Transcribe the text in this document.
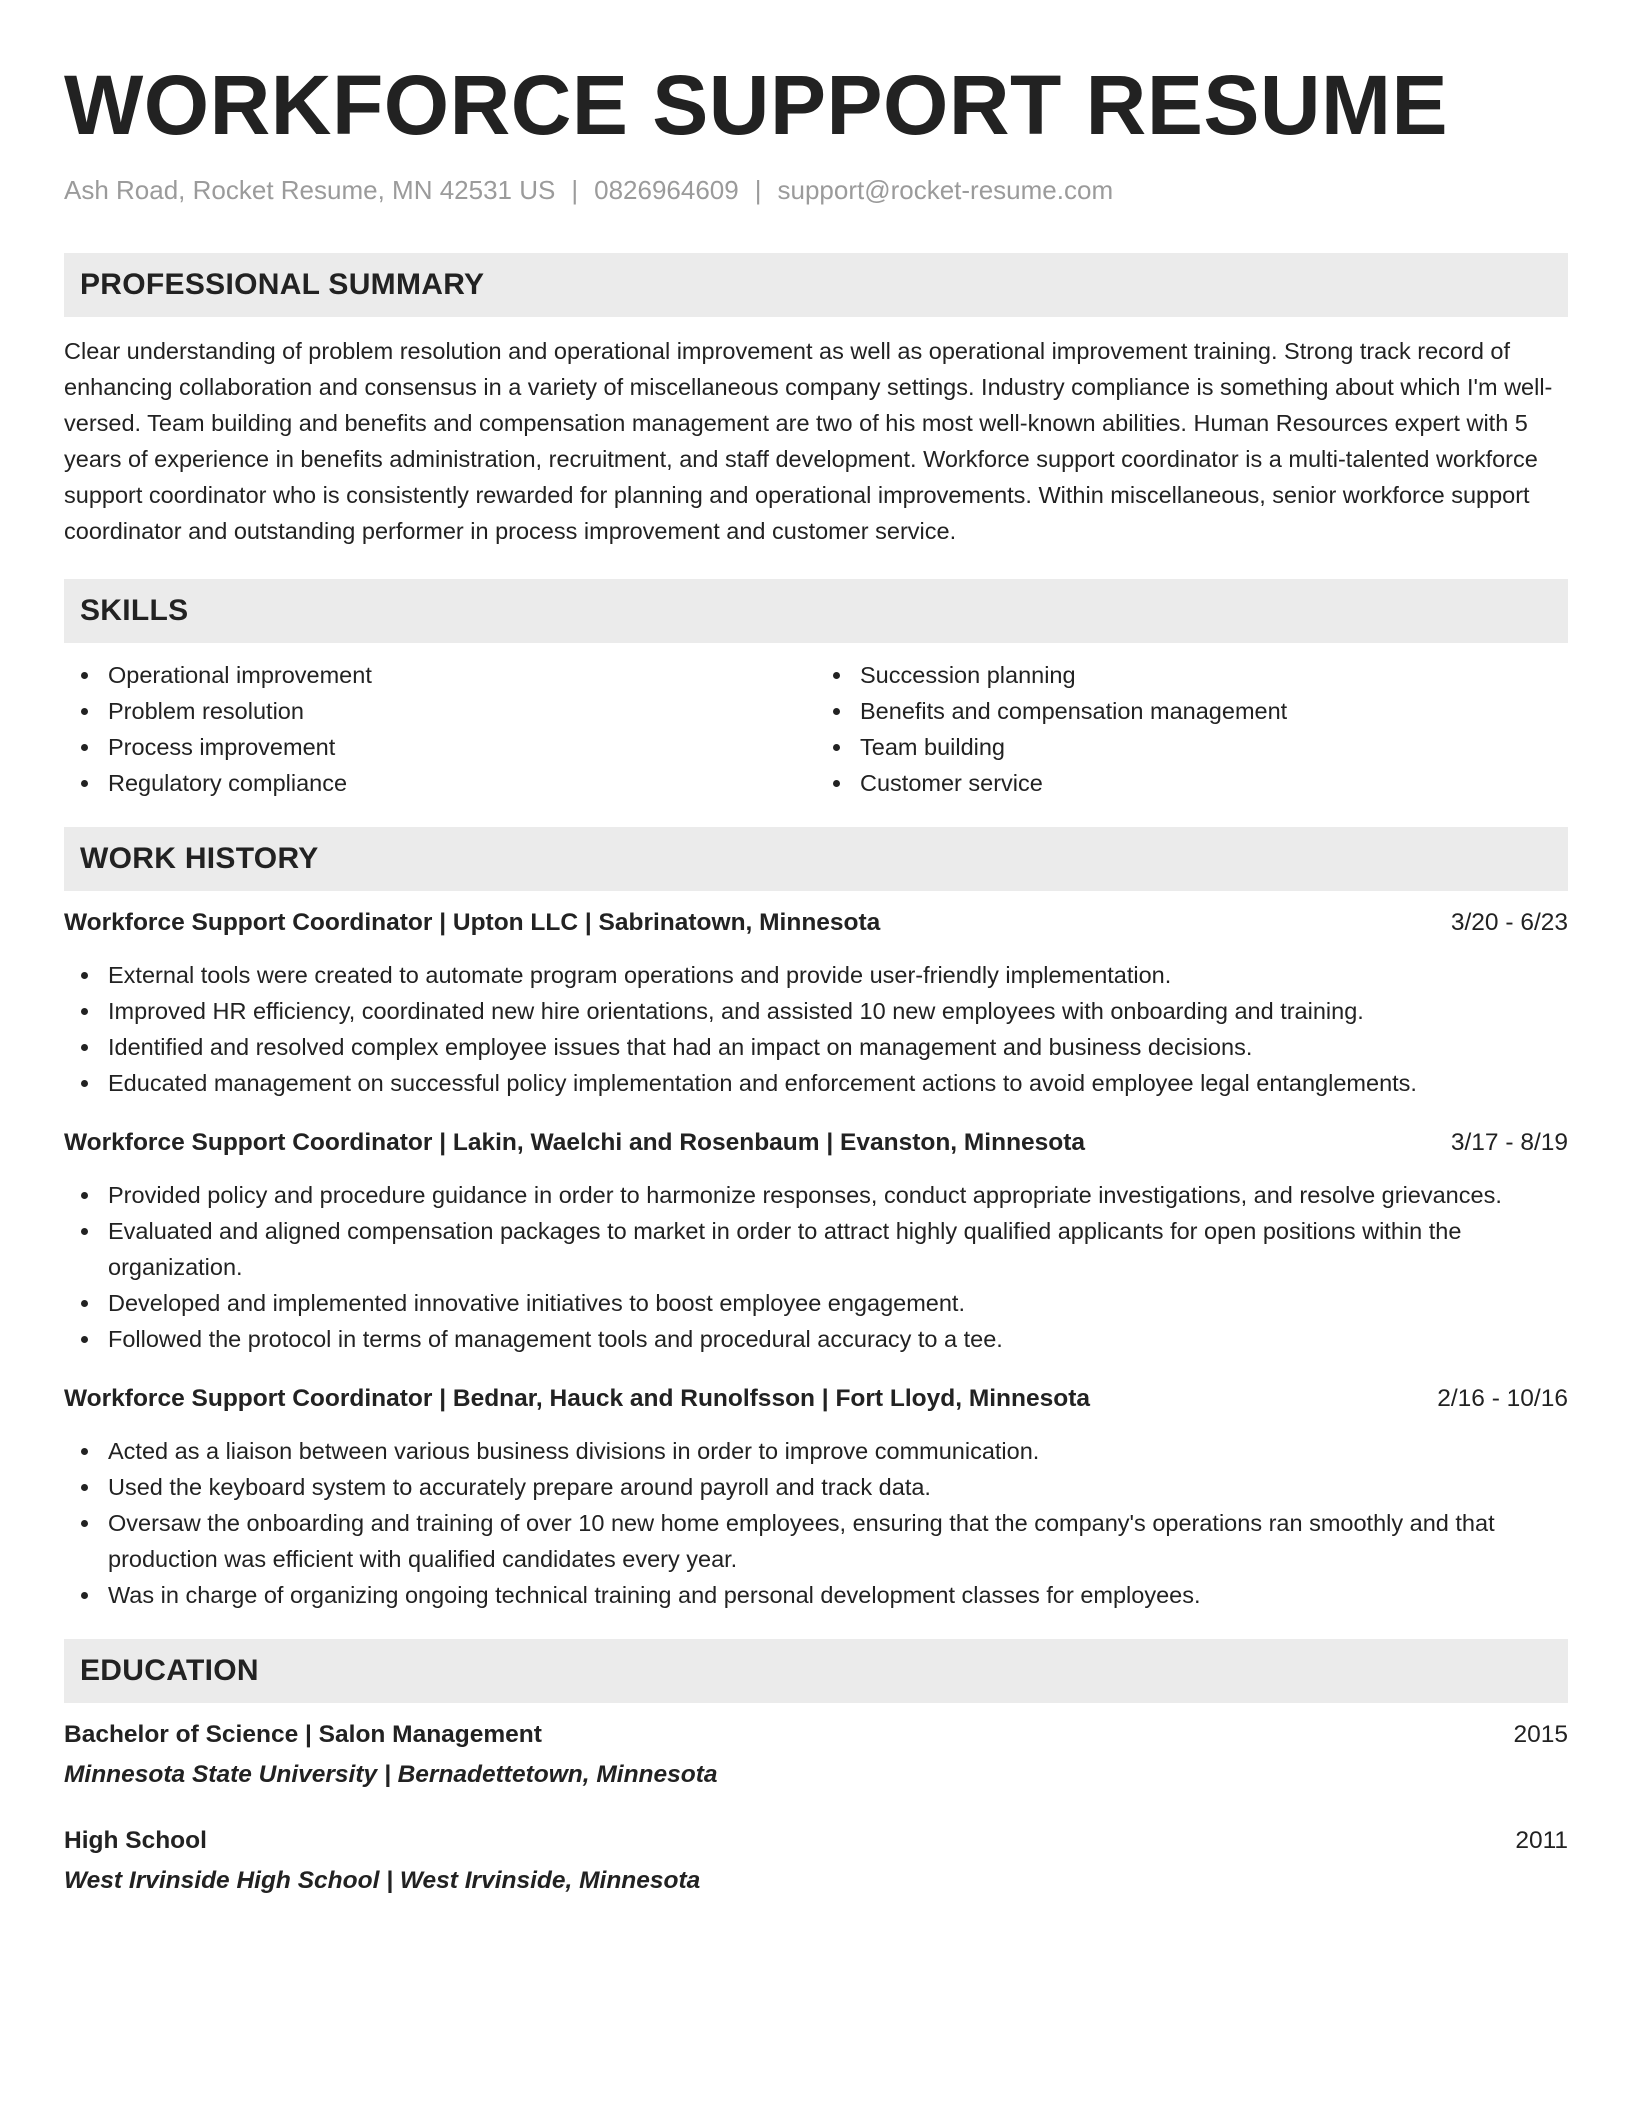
WORKFORCE SUPPORT RESUME
Ash Road, Rocket Resume, MN 42531 US | 0826964609 | support@rocket-resume.com
PROFESSIONAL SUMMARY

Clear understanding of problem resolution and operational improvement as well as operational improvement training. Strong track record of enhancing collaboration and consensus in a variety of miscellaneous company settings. Industry compliance is something about which I'm well-versed. Team building and benefits and compensation management are two of his most well-known abilities. Human Resources expert with 5 years of experience in benefits administration, recruitment, and staff development. Workforce support coordinator is a multi-talented workforce support coordinator who is consistently rewarded for planning and operational improvements. Within miscellaneous, senior workforce support coordinator and outstanding performer in process improvement and customer service.

SKILLS
Operational improvement
Problem resolution
Process improvement
Regulatory compliance
Succession planning
Benefits and compensation management
Team building
Customer service
WORK HISTORY
Workforce Support Coordinator | Upton LLC | Sabrinatown, Minnesota	3/20 - 6/23
External tools were created to automate program operations and provide user-friendly implementation.
Improved HR efficiency, coordinated new hire orientations, and assisted 10 new employees with onboarding and training.
Identified and resolved complex employee issues that had an impact on management and business decisions.
Educated management on successful policy implementation and enforcement actions to avoid employee legal entanglements.
Workforce Support Coordinator | Lakin, Waelchi and Rosenbaum | Evanston, Minnesota	3/17 - 8/19
Provided policy and procedure guidance in order to harmonize responses, conduct appropriate investigations, and resolve grievances.
Evaluated and aligned compensation packages to market in order to attract highly qualified applicants for open positions within the organization.
Developed and implemented innovative initiatives to boost employee engagement.
Followed the protocol in terms of management tools and procedural accuracy to a tee.
Workforce Support Coordinator | Bednar, Hauck and Runolfsson | Fort Lloyd, Minnesota	2/16 - 10/16
Acted as a liaison between various business divisions in order to improve communication.
Used the keyboard system to accurately prepare around payroll and track data.
Oversaw the onboarding and training of over 10 new home employees, ensuring that the company's operations ran smoothly and that production was efficient with qualified candidates every year.
Was in charge of organizing ongoing technical training and personal development classes for employees.
EDUCATION
Bachelor of Science | Salon Management	2015
Minnesota State University | Bernadettetown, Minnesota
High School	2011
West Irvinside High School | West Irvinside, Minnesota
